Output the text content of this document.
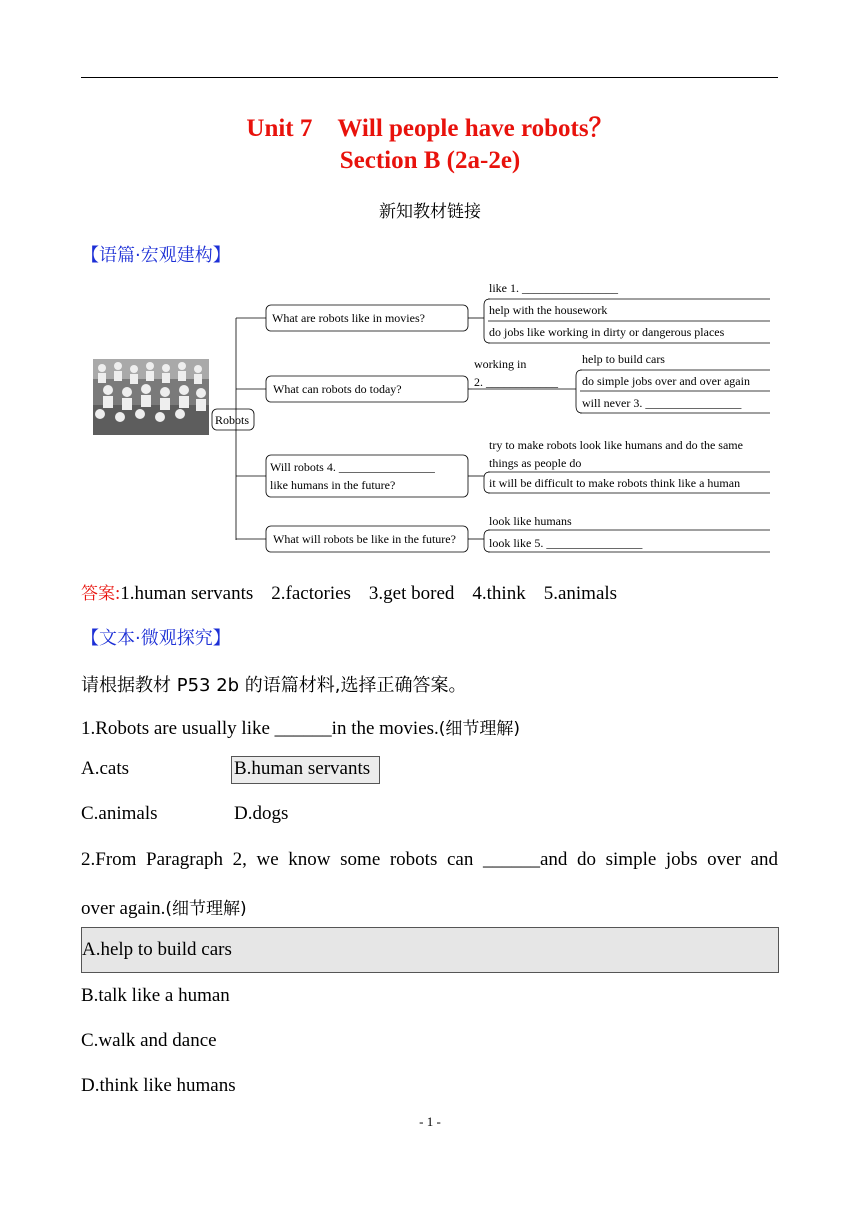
Unit 7　Will people have robots？
Section B (2a-2e)
新知教材链接
【语篇·宏观建构】
Robots
What are robots like in movies?
like 1. ________________
help with the housework
do jobs like working in dirty or dangerous places
What can robots do today?
working in
2. ____________
help to build cars
do simple jobs over and over again
will never 3. ________________
Will robots 4. ________________
like humans in the future?
try to make robots look like humans and do the same
things as people do
it will be difficult to make robots think like a human
What will robots be like in the future?
look like humans
look like 5. ________________
答案:1.human servants 2.factories 3.get bored 4.think 5.animals
【文本·微观探究】
请根据教材 P53 2b 的语篇材料,选择正确答案。
1.Robots are usually like ______in the movies.(细节理解)
A.cats	B.human servants
C.animals	D.dogs
2.From Paragraph 2, we know some robots can ______and do simple jobs over and
over again.(细节理解)
A.help to build cars
B.talk like a human
C.walk and dance
D.think like humans
- 1 -
